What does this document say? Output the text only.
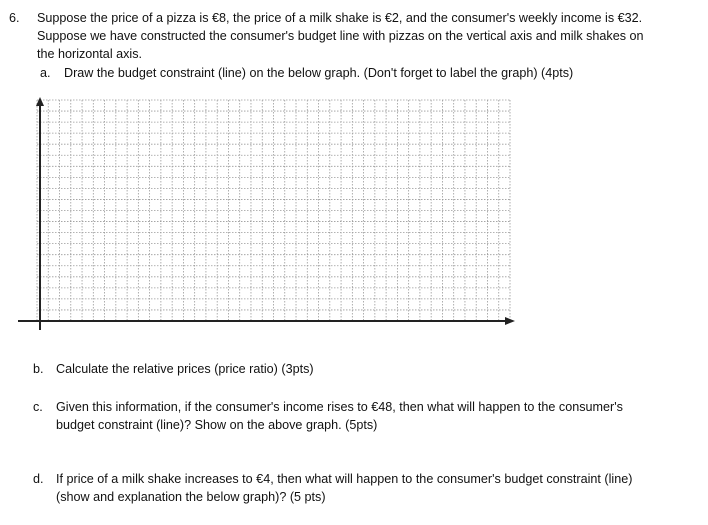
6. Suppose the price of a pizza is €8, the price of a milk shake is €2, and the consumer's weekly income is €32.
Suppose we have constructed the consumer's budget line with pizzas on the vertical axis and milk shakes on
the horizontal axis.
a. Draw the budget constraint (line) on the below graph. (Don't forget to label the graph) (4pts)
b. Calculate the relative prices (price ratio) (3pts)
c. Given this information, if the consumer's income rises to €48, then what will happen to the consumer's
budget constraint (line)? Show on the above graph. (5pts)
d. If price of a milk shake increases to €4, then what will happen to the consumer's budget constraint (line)
(show and explanation the below graph)? (5 pts)
